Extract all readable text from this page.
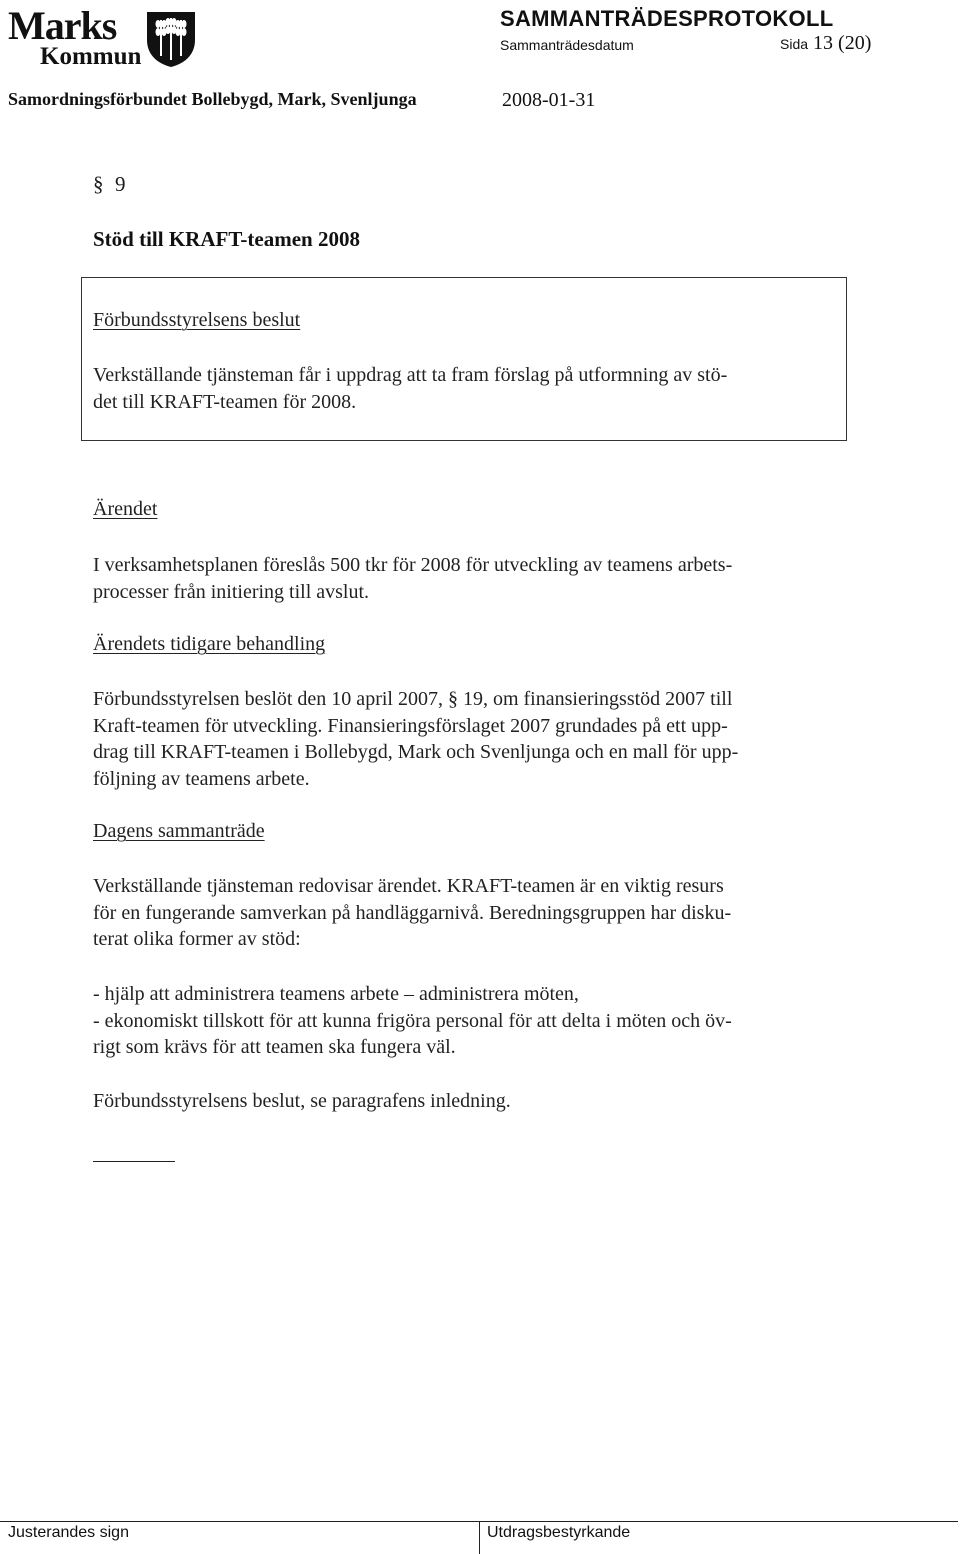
Marks
Kommun
SAMMANTRÄDESPROTOKOLL
Sammanträdesdatum	Sida 13 (20)
Samordningsförbundet Bollebygd, Mark, Svenljunga	2008-01-31
§ 9
Stöd till KRAFT-teamen 2008
Förbundsstyrelsens beslut
Verkställande tjänsteman får i uppdrag att ta fram förslag på utformning av stö-
det till KRAFT-teamen för 2008.
Ärendet
I verksamhetsplanen föreslås 500 tkr för 2008 för utveckling av teamens arbets-
processer från initiering till avslut.
Ärendets tidigare behandling
Förbundsstyrelsen beslöt den 10 april 2007, § 19, om finansieringsstöd 2007 till
Kraft-teamen för utveckling. Finansieringsförslaget 2007 grundades på ett upp-
drag till KRAFT-teamen i Bollebygd, Mark och Svenljunga och en mall för upp-
följning av teamens arbete.
Dagens sammanträde
Verkställande tjänsteman redovisar ärendet. KRAFT-teamen är en viktig resurs
för en fungerande samverkan på handläggarnivå. Beredningsgruppen har disku-
terat olika former av stöd:
- hjälp att administrera teamens arbete – administrera möten,
- ekonomiskt tillskott för att kunna frigöra personal för att delta i möten och öv-
rigt som krävs för att teamen ska fungera väl.
Förbundsstyrelsens beslut, se paragrafens inledning.
Justerandes sign	Utdragsbestyrkande
